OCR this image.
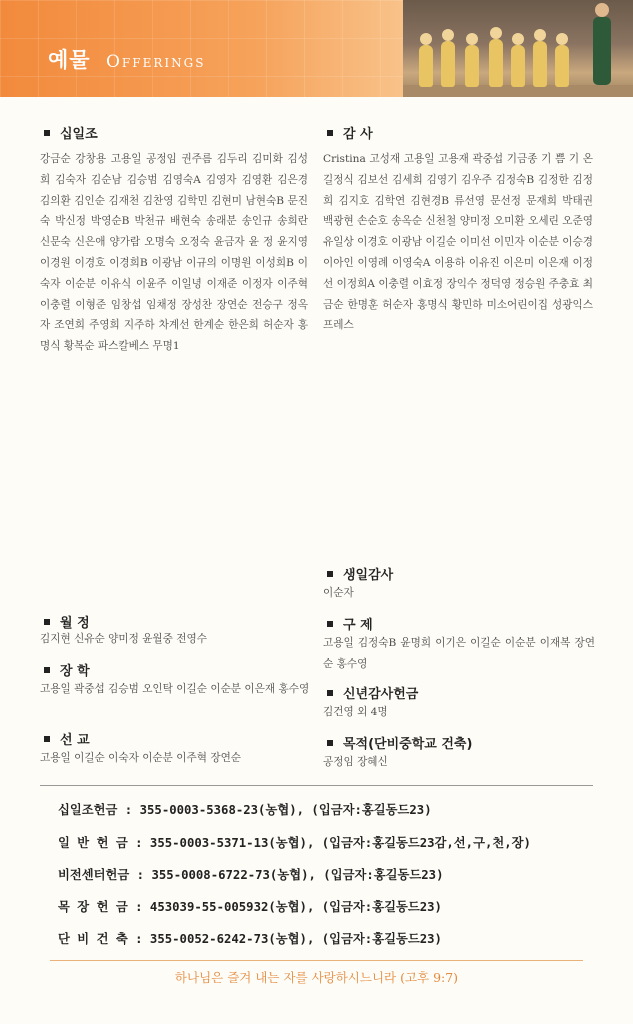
예물 Offerings
십일조

강금순 강창용 고용일 공정임 권주름 김두리 김미화 김성희 김숙자 김순남 김승범 김영숙A 김영자 김영환 김은경 김의환 김인순 김재천 김찬영 김학민 김현미 남현숙B 문진숙 박신정 박영순B 박천규 배현숙 송래분 송인규 송희란 신문숙 신은애 양가람 오명숙 오정숙 윤금자 윤 정 윤지영 이경원 이경호 이경희B 이광남 이규의 이명원 이성희B 이숙자 이순분 이유식 이윤주 이일녕 이재준 이정자 이주혁 이충렬 이형준 임창섭 임채정 장성찬 장연순 전승구 정옥자 조연희 주영희 지주하 차계선 한계순 한은희 허순자 홍명식 황복순 파스칼베스 무명1

월 정

김지현 신유순 양미정 윤월중 전영수

장 학

고용일 곽중섭 김승범 오인탁 이길순 이순분 이은재 홍수영

선 교

고용일 이길순 이숙자 이순분 이주혁 장연순

감 사

Cristina 고성재 고용일 고용재 곽중섭 기금종 기 쁨 기 온 길정식 김보선 김세희 김영기 김우주 김정숙B 김정한 김정희 김지호 김학연 김현경B 류선영 문선정 문재희 박태권 백광현 손순호 송옥순 신천철 양미정 오미환 오세린 오준영 유일상 이경호 이광남 이길순 이미선 이민자 이순분 이승경 이아인 이영례 이영숙A 이용하 이유진 이은미 이은재 이정선 이정희A 이충렬 이효정 장익수 정덕영 정승원 주충효 최금순 한명훈 허순자 홍명식 황민하 미소어린이집 성광익스프레스

생일감사

이순자

구 제

고용일 김정숙B 윤명희 이기은 이길순 이순분 이재복 장연순 홍수영

신년감사헌금

김건영 외 4명

목적(단비중학교 건축)

공정임 장혜신

십일조헌금 : 355-0003-5368-23(농협), (입금자:홍길동드23)
일 반 헌 금 : 355-0003-5371-13(농협), (입금자:홍길동드23감,선,구,천,장)
비전센터헌금 : 355-0008-6722-73(농협), (입금자:홍길동드23)
목 장 헌 금 : 453039-55-005932(농협), (입금자:홍길동드23)
단 비 건 축 : 355-0052-6242-73(농협), (입금자:홍길동드23)
하나님은 즐겨 내는 자를 사랑하시느니라 (고후 9:7)
